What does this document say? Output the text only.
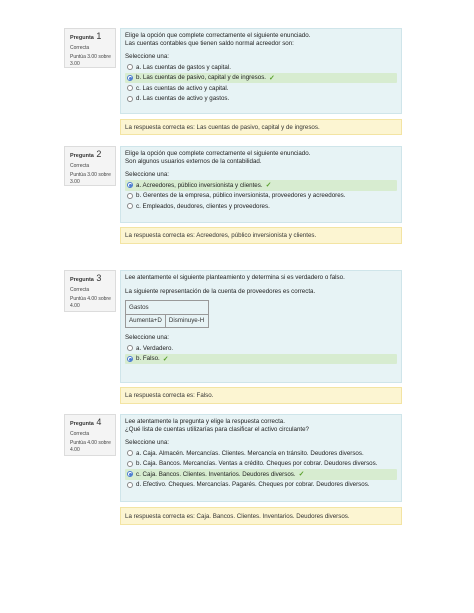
Pregunta 1
Correcta
Puntúa 3.00 sobre 3.00
Elige la opción que complete correctamente el siguiente enunciado.
Las cuentas contables que tienen saldo normal acreedor son:
Seleccione una:
a. Las cuentas de gastos y capital.
b. Las cuentas de pasivo, capital y de ingresos. ✓
c. Las cuentas de activo y capital.
d. Las cuentas de activo y gastos.
La respuesta correcta es: Las cuentas de pasivo, capital y de ingresos.
Pregunta 2
Correcta
Puntúa 3.00 sobre 3.00
Elige la opción que complete correctamente el siguiente enunciado.
Son algunos usuarios externos de la contabilidad.
Seleccione una:
a. Acreedores, público inversionista y clientes. ✓
b. Gerentes de la empresa, público inversionista, proveedores y acreedores.
c. Empleados, deudores, clientes y proveedores.
La respuesta correcta es: Acreedores, público inversionista y clientes.
Pregunta 3
Correcta
Puntúa 4.00 sobre 4.00
Lee atentamente el siguiente planteamiento y determina si es verdadero o falso.
La siguiente representación de la cuenta de proveedores es correcta.
Gastos
Aumenta+D	Disminuye-H
Seleccione una:
a. Verdadero.
b. Falso. ✓
La respuesta correcta es: Falso.
Pregunta 4
Correcta
Puntúa 4.00 sobre 4.00
Lee atentamente la pregunta y elige la respuesta correcta.
¿Qué lista de cuentas utilizarías para clasificar el activo circulante?
Seleccione una:
a. Caja. Almacén. Mercancías. Clientes. Mercancía en tránsito. Deudores diversos.
b. Caja. Bancos. Mercancías. Ventas a crédito. Cheques por cobrar. Deudores diversos.
c. Caja. Bancos. Clientes. Inventarios. Deudores diversos. ✓
d. Efectivo. Cheques. Mercancías. Pagarés. Cheques por cobrar. Deudores diversos.
La respuesta correcta es: Caja. Bancos. Clientes. Inventarios. Deudores diversos.
